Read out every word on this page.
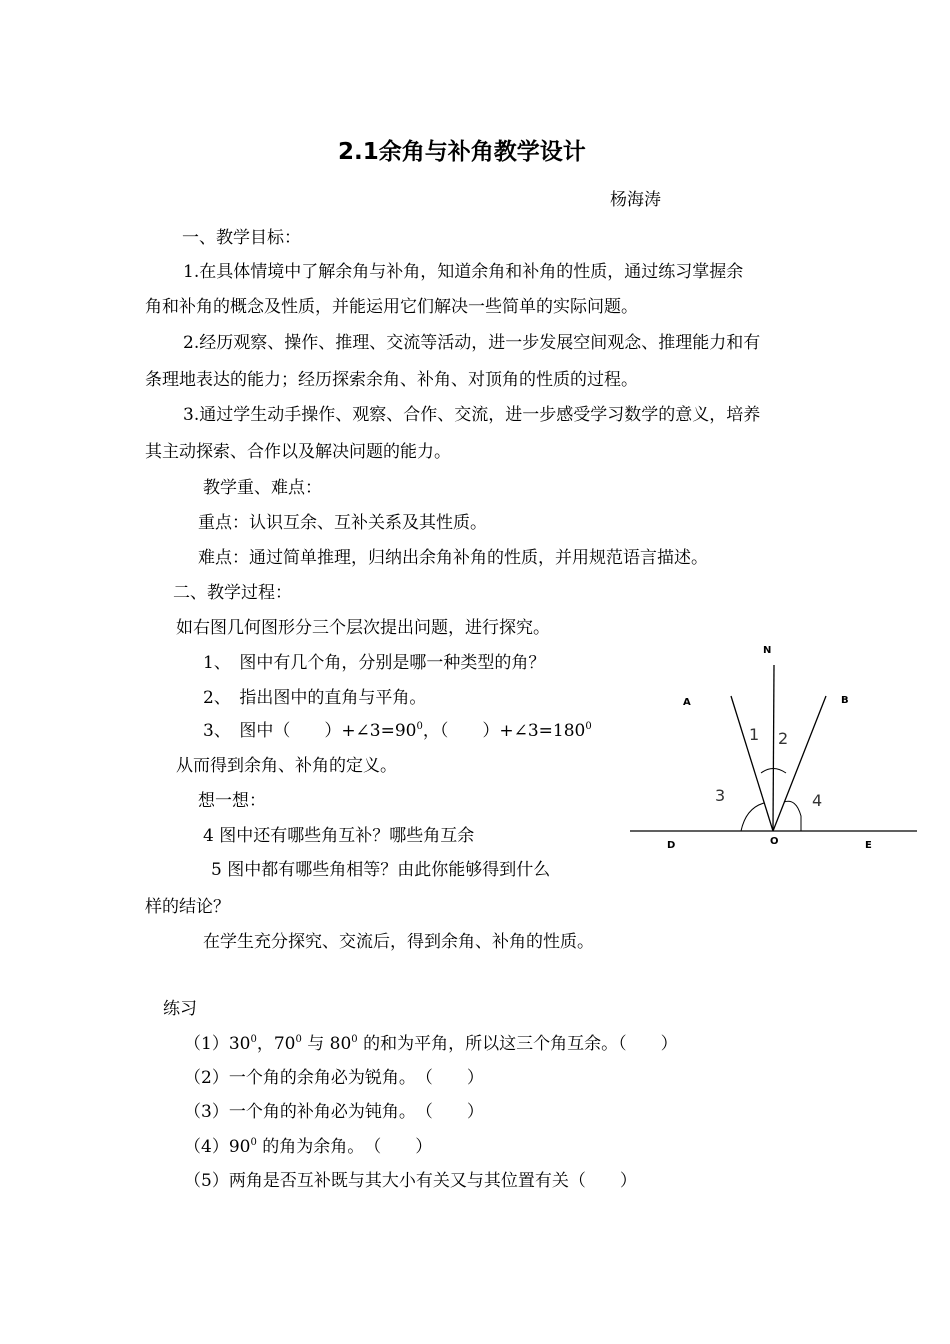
2.1余角与补角教学设计
杨海涛
一、教学目标：
1.在具体情境中了解余角与补角，知道余角和补角的性质，通过练习掌握余
角和补角的概念及性质，并能运用它们解决一些简单的实际问题。
2.经历观察、操作、推理、交流等活动，进一步发展空间观念、推理能力和有
条理地表达的能力；经历探索余角、补角、对顶角的性质的过程。
3.通过学生动手操作、观察、合作、交流，进一步感受学习数学的意义，培养
其主动探索、合作以及解决问题的能力。
教学重、难点：
重点：认识互余、互补关系及其性质。
难点：通过简单推理，归纳出余角补角的性质，并用规范语言描述。
二、教学过程：
如右图几何图形分三个层次提出问题，进行探究。
1、　图中有几个角，分别是哪一种类型的角？
2、　指出图中的直角与平角。
3、　图中（　　）$+\angle 3=90^0$，（　　）$+\angle 3=180^0$
从而得到余角、补角的定义。
想一想：
4 图中还有哪些角互补？哪些角互余
5 图中都有哪些角相等？由此你能够得到什么
样的结论？
在学生充分探究、交流后，得到余角、补角的性质。
N
A	B
D	O	E
1 2
3	4
练习
$(1)30^0$，$70^0$ 与 $80^0$ 的和为平角，所以这三个角互余。（　　）
（2）一个角的余角必为锐角。　（　　）
（3）一个角的补角必为钝角。　（　　）
$(4)90^0$ 的角为余角。　（　　）
（5）两角是否互补既与其大小有关又与其位置有关（　　）
